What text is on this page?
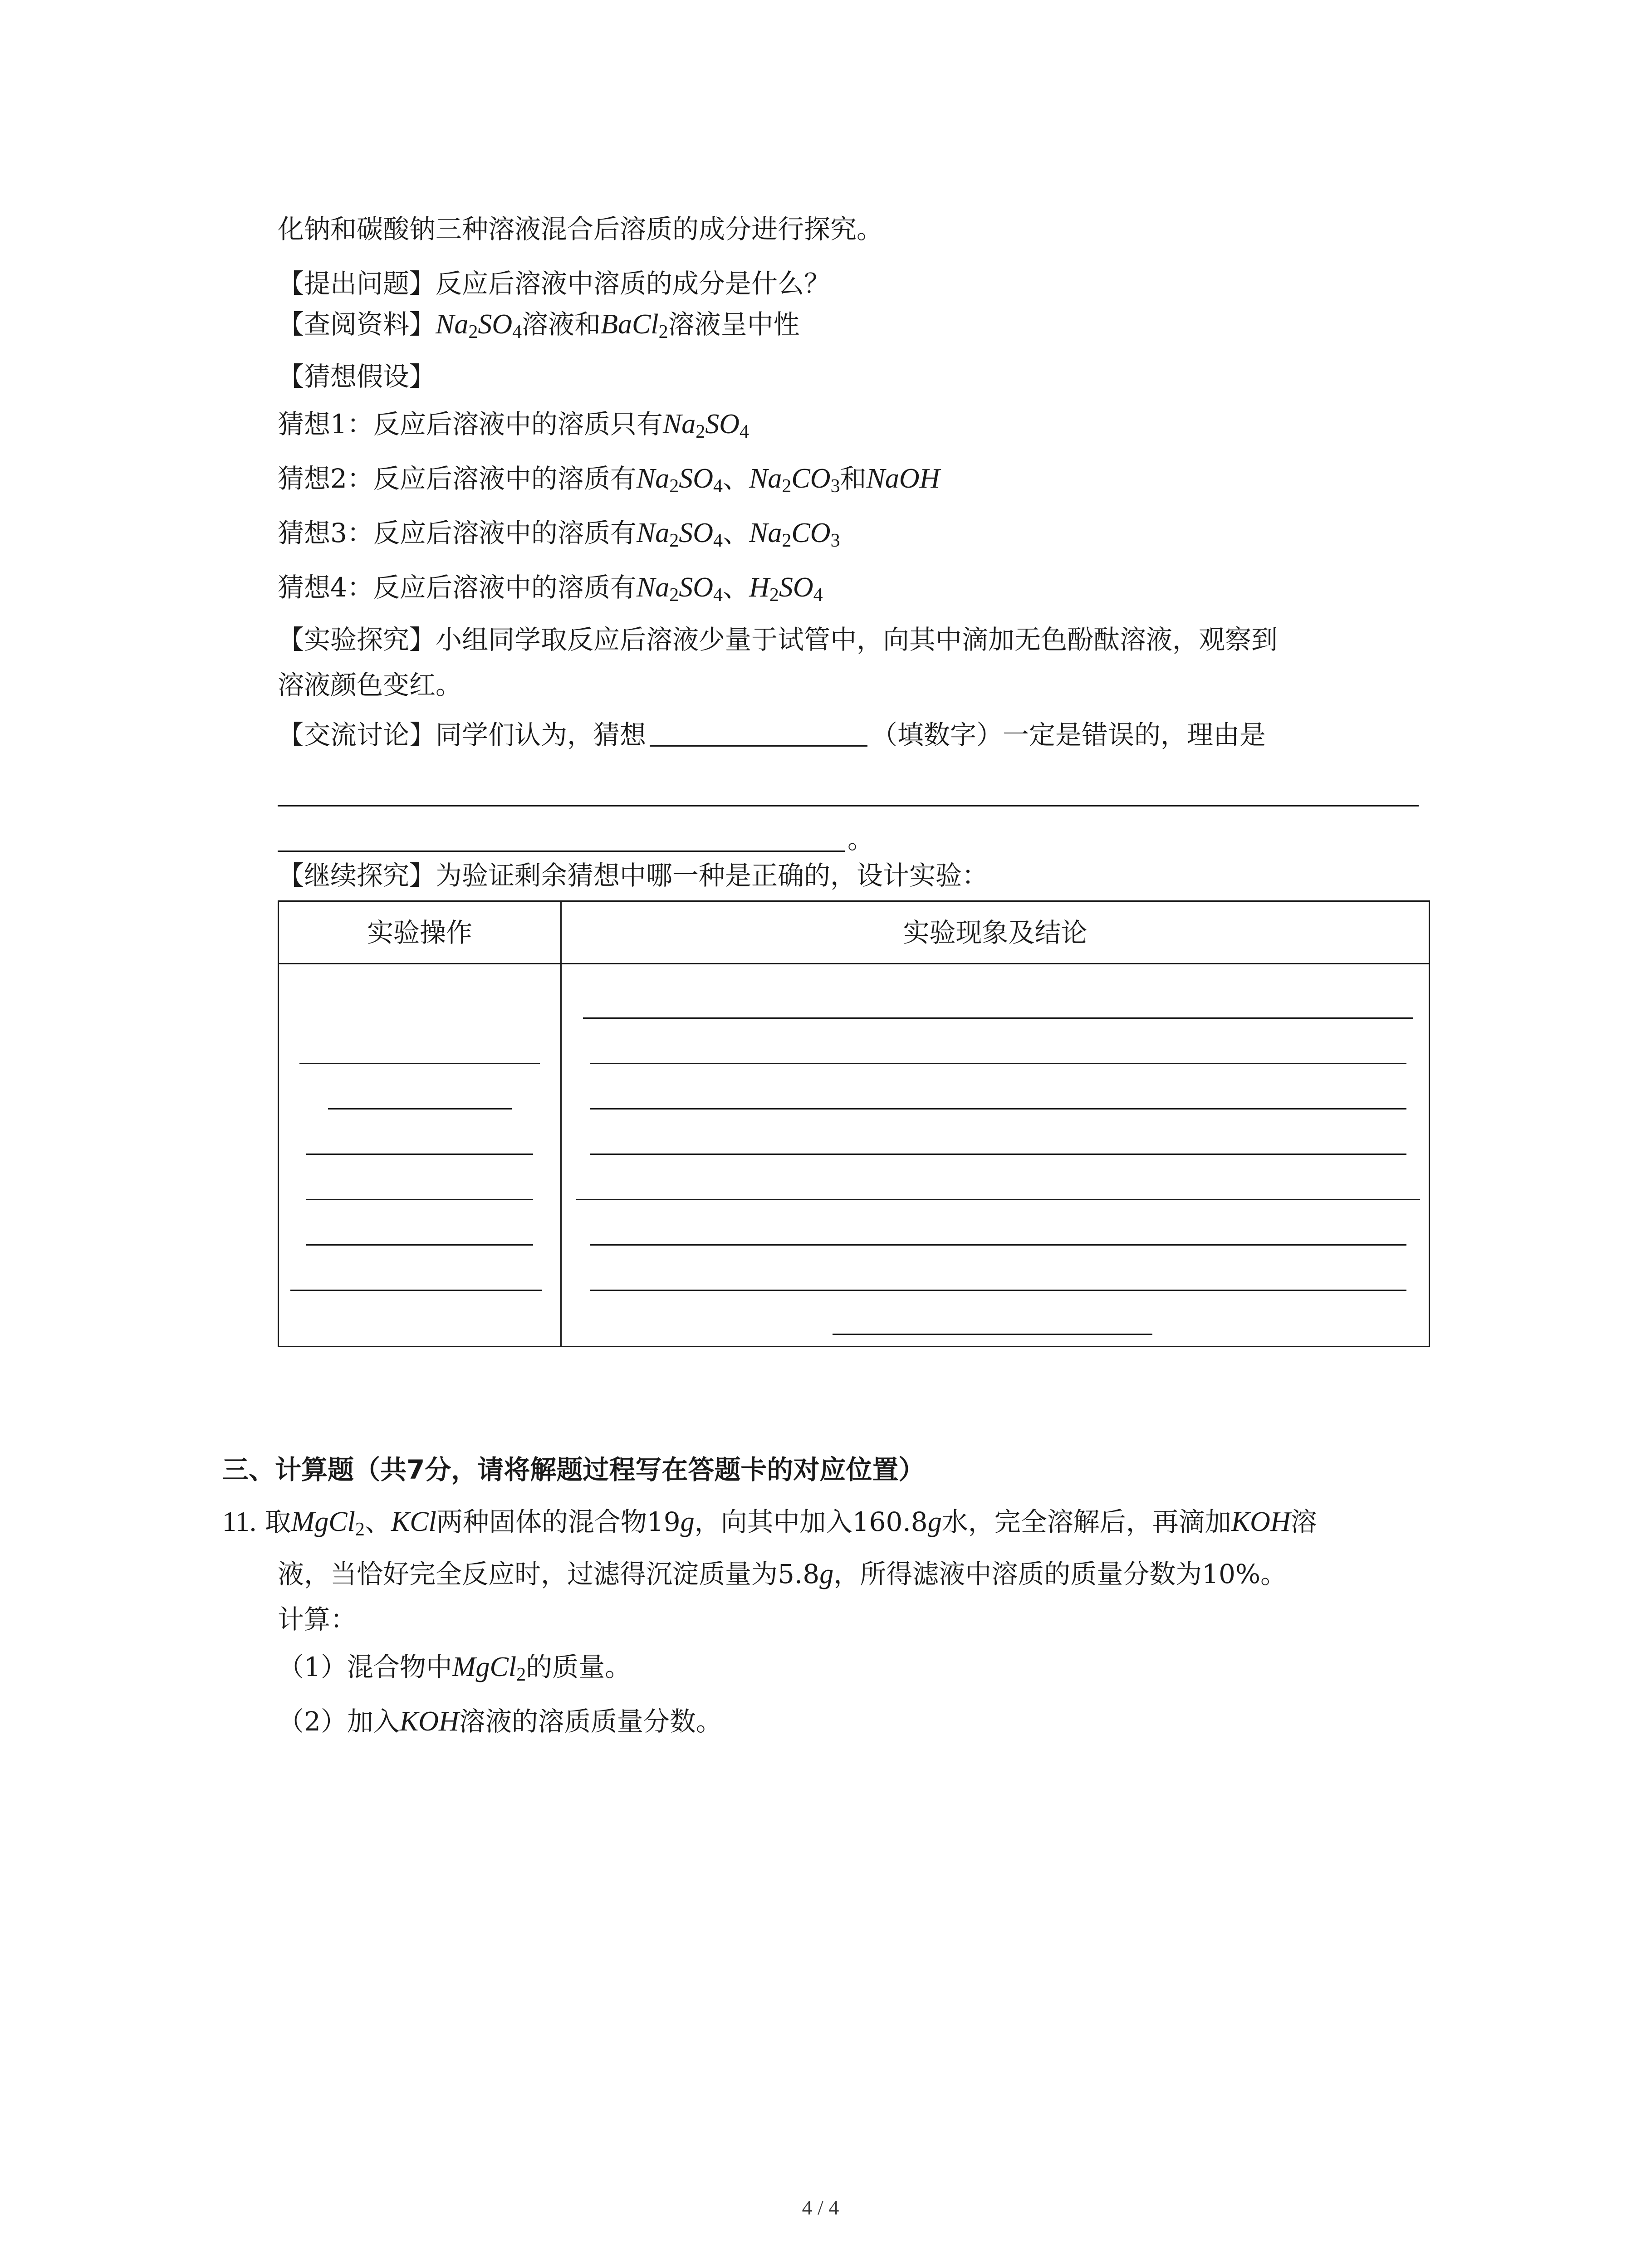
化钠和碳酸钠三种溶液混合后溶质的成分进行探究。
【提出问题】反应后溶液中溶质的成分是什么？
【查阅资料】$Na_2SO_4$溶液和BaCl$_2$溶液呈中性
【猜想假设】
猜想1：反应后溶液中的溶质只有$Na_2SO_4$
猜想2：反应后溶液中的溶质有$Na_2SO_4$、$Na_2CO_3$和NaOH
猜想3：反应后溶液中的溶质有$Na_2SO_4$、$Na_2CO_3$
猜想4：反应后溶液中的溶质有$Na_2SO_4$、$H_2SO_4$
【实验探究】小组同学取反应后溶液少量于试管中，向其中滴加无色酚酞溶液，观察到
溶液颜色变红。
【交流讨论】同学们认为，猜想	（填数字）一定是错误的，理由是
。
【继续探究】为验证剩余猜想中哪一种是正确的，设计实验：
实验操作	实验现象及结论
三、计算题（共7分，请将解题过程写在答题卡的对应位置）
11. 取MgCl$_2$、KCl两种固体的混合物19g，向其中加入160.8g水，完全溶解后，再滴加KOH溶
液，当恰好完全反应时，过滤得沉淀质量为5.8g，所得滤液中溶质的质量分数为10%。
计算：
（1）混合物中MgCl$_2$的质量。
（2）加入KOH溶液的溶质质量分数。
4 / 4
